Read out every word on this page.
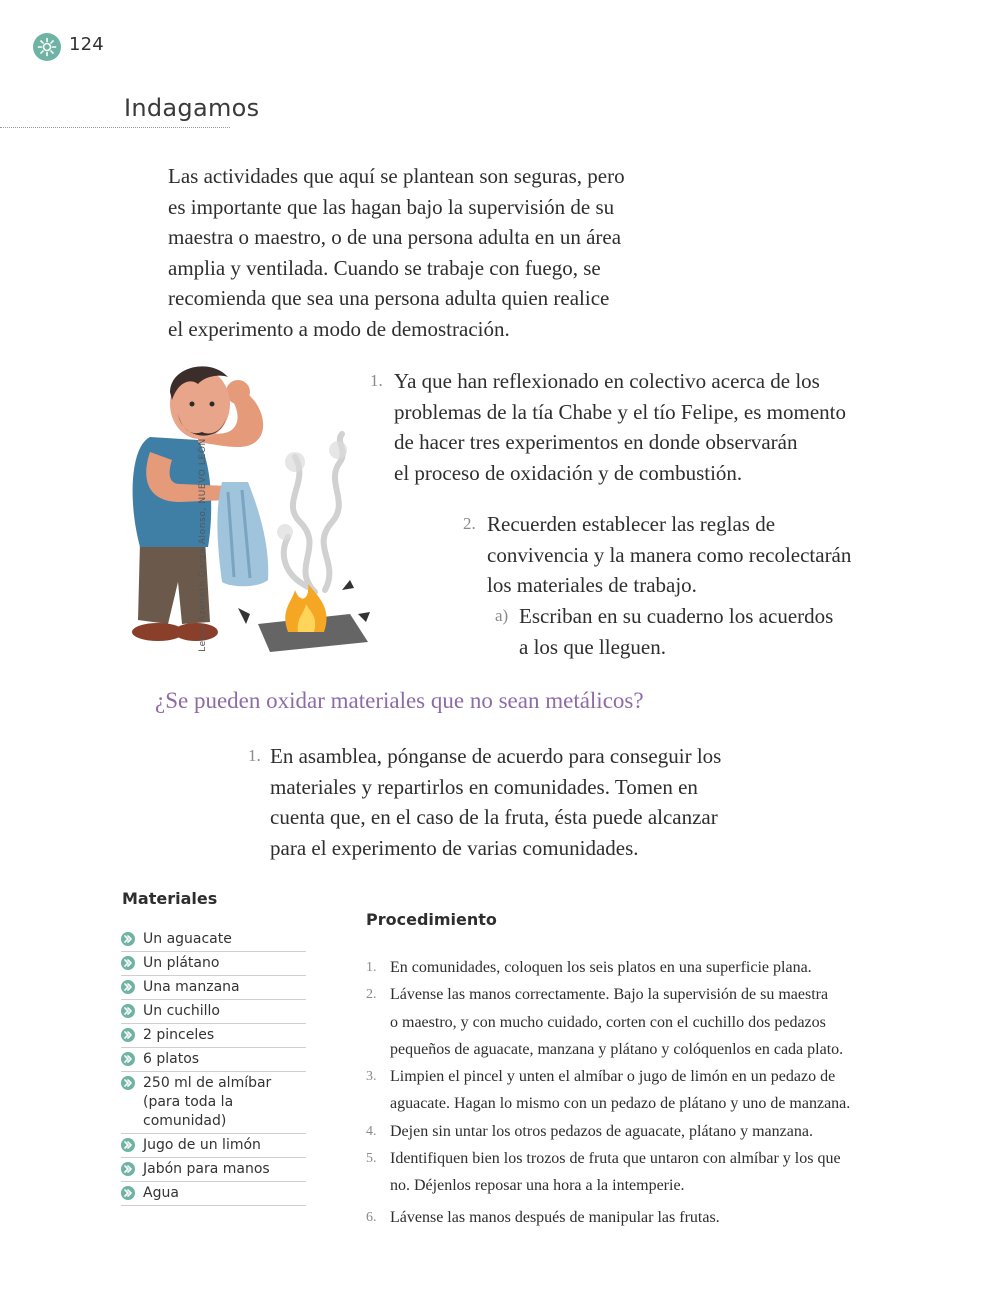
124
Indagamos
Las actividades que aquí se plantean son seguras, pero
es importante que las hagan bajo la supervisión de su
maestra o maestro, o de una persona adulta en un área
amplia y ventilada. Cuando se trabaje con fuego, se
recomienda que sea una persona adulta quien realice
el experimento a modo de demostración.
Leyla Azeneth Garza Alonso, NUEVO LEÓN
1. Ya que han reflexionado en colectivo acerca de los
problemas de la tía Chabe y el tío Felipe, es momento
de hacer tres experimentos en donde observarán
el proceso de oxidación y de combustión.
2. Recuerden establecer las reglas de
convivencia y la manera como recolectarán
los materiales de trabajo.
a) Escriban en su cuaderno los acuerdos
a los que lleguen.
¿Se pueden oxidar materiales que no sean metálicos?
1. En asamblea, pónganse de acuerdo para conseguir los
materiales y repartirlos en comunidades. Tomen en
cuenta que, en el caso de la fruta, ésta puede alcanzar
para el experimento de varias comunidades.
Materiales
Un aguacate
Un plátano
Una manzana
Un cuchillo
2 pinceles
6 platos
250 ml de almíbar
(para toda la comunidad)
Jugo de un limón
Jabón para manos
Agua
Procedimiento
1. En comunidades, coloquen los seis platos en una superficie plana.
2. Lávense las manos correctamente. Bajo la supervisión de su maestra
o maestro, y con mucho cuidado, corten con el cuchillo dos pedazos
pequeños de aguacate, manzana y plátano y colóquenlos en cada plato.
3. Limpien el pincel y unten el almíbar o jugo de limón en un pedazo de
aguacate. Hagan lo mismo con un pedazo de plátano y uno de manzana.
4. Dejen sin untar los otros pedazos de aguacate, plátano y manzana.
5. Identifiquen bien los trozos de fruta que untaron con almíbar y los que
no. Déjenlos reposar una hora a la intemperie.
6. Lávense las manos después de manipular las frutas.
